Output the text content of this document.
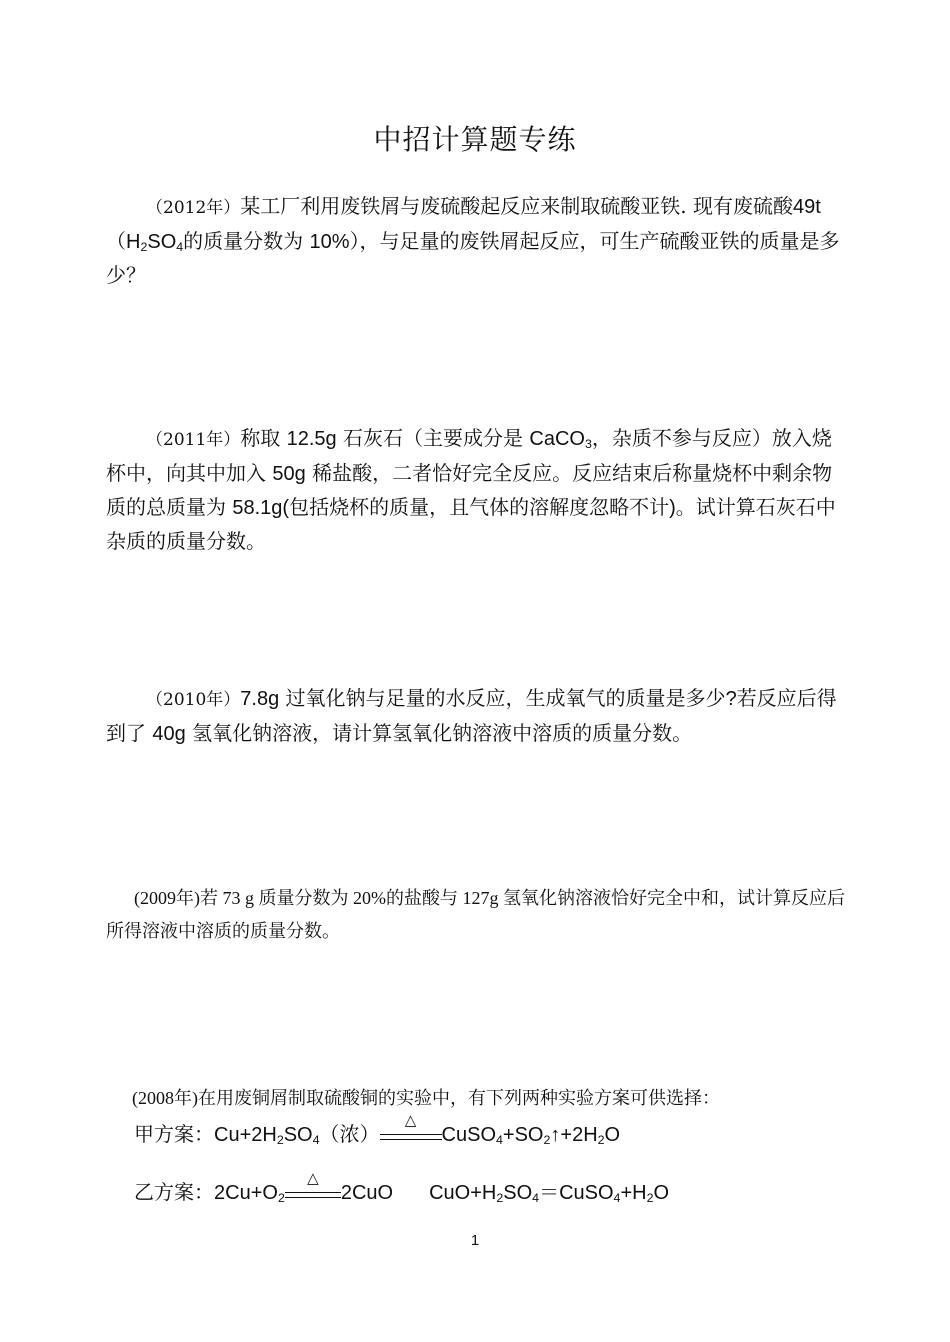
中招计算题专练

（2012年）某工厂利用废铁屑与废硫酸起反应来制取硫酸亚铁. 现有废硫酸$49t(H_2SO_4$的质量分数为 10%），与足量的废铁屑起反应，可生产硫酸亚铁的质量是多少？

（2011年）称取 12.5g 石灰石（主要成分是 CaCO$_3$，杂质不参与反应）放入烧杯中，向其中加入 50g 稀盐酸，二者恰好完全反应。反应结束后称量烧杯中剩余物质的总质量为 58.1g(包括烧杯的质量，且气体的溶解度忽略不计)。试计算石灰石中杂质的质量分数。

（2010年）7.8g 过氧化钠与足量的水反应，生成氧气的质量是多少?若反应后得到了 40g 氢氧化钠溶液，请计算氢氧化钠溶液中溶质的质量分数。

(2009年)若 73 g 质量分数为 20%的盐酸与 127g 氢氧化钠溶液恰好完全中和，试计算反应后所得溶液中溶质的质量分数。

(2008年)在用废铜屑制取硫酸铜的实验中，有下列两种实验方案可供选择：

甲方案：$Cu+2H_2SO_4$（浓）
△
$CuSO_4+SO_2↑+2H_2O$
乙方案：$2Cu+O_2$
△
2CuO $CuO+H_2SO_4=CuSO_4+H_2O$
1
